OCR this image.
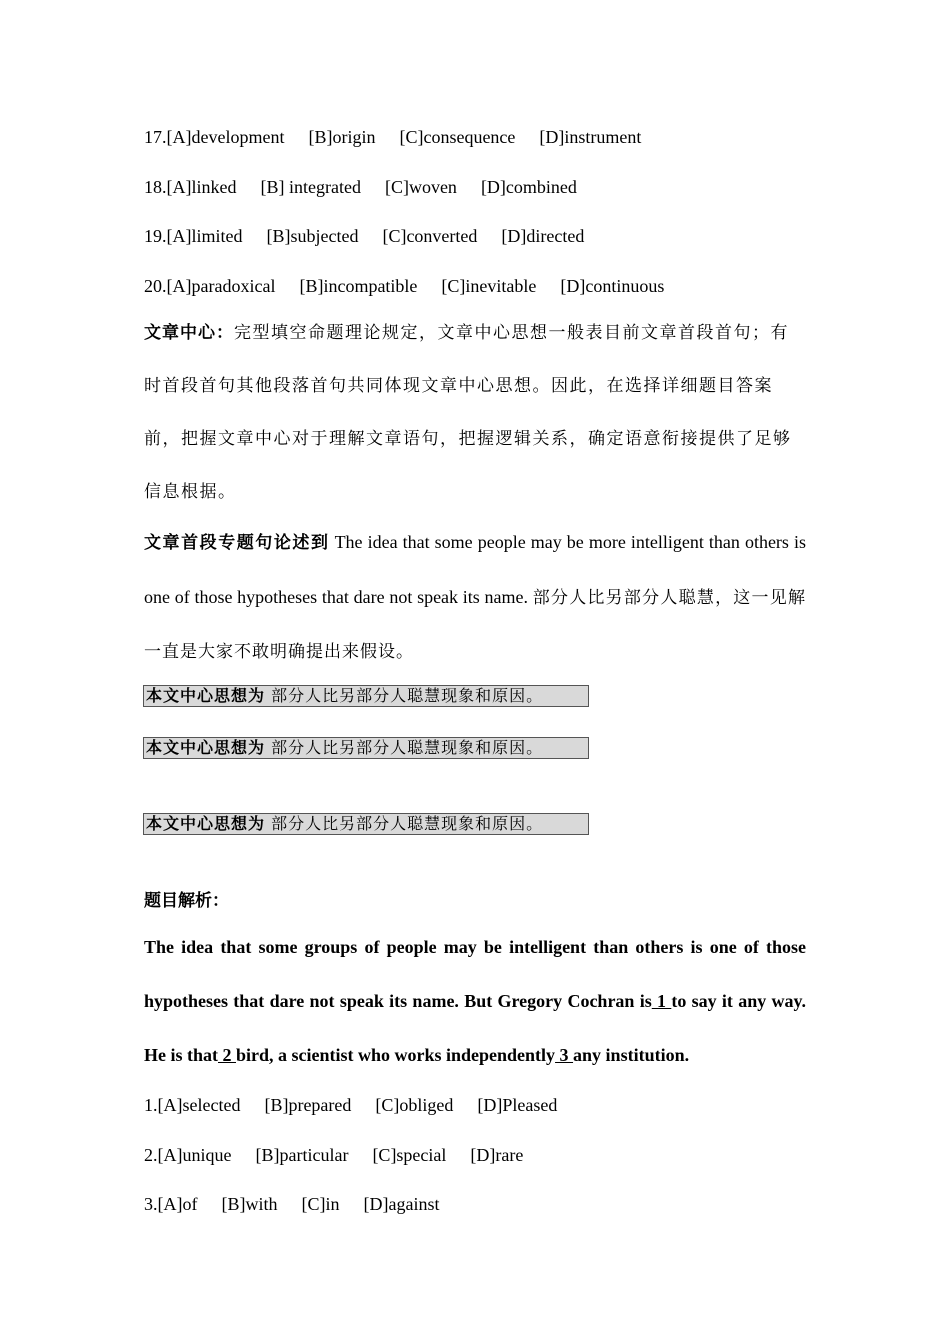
17.[A]development [B]origin [C]consequence [D]instrument
18.[A]linked [B] integrated [C]woven [D]combined
19.[A]limited [B]subjected [C]converted [D]directed
20.[A]paradoxical [B]incompatible [C]inevitable [D]continuous
文章中心：完型填空命题理论规定，文章中心思想一般表目前文章首段首句；有时首段首句其他段落首句共同体现文章中心思想。因此，在选择详细题目答案前，把握文章中心对于理解文章语句，把握逻辑关系，确定语意衔接提供了足够信息根据。
文章首段专题句论述到 The idea that some people may be more intelligent than others is one of those hypotheses that dare not speak its name. 部分人比另部分人聪慧，这一见解一直是大家不敢明确提出来假设。
本文中心思想为 部分人比另部分人聪慧现象和原因。
本文中心思想为 部分人比另部分人聪慧现象和原因。
本文中心思想为 部分人比另部分人聪慧现象和原因。
题目解析：
The idea that some groups of people may be intelligent than others is one of those hypotheses that dare not speak its name. But Gregory Cochran is 1 to say it any way. He is that 2 bird, a scientist who works independently 3 any institution.
1.[A]selected [B]prepared [C]obliged [D]Pleased
2.[A]unique [B]particular [C]special [D]rare
3.[A]of [B]with [C]in [D]against
